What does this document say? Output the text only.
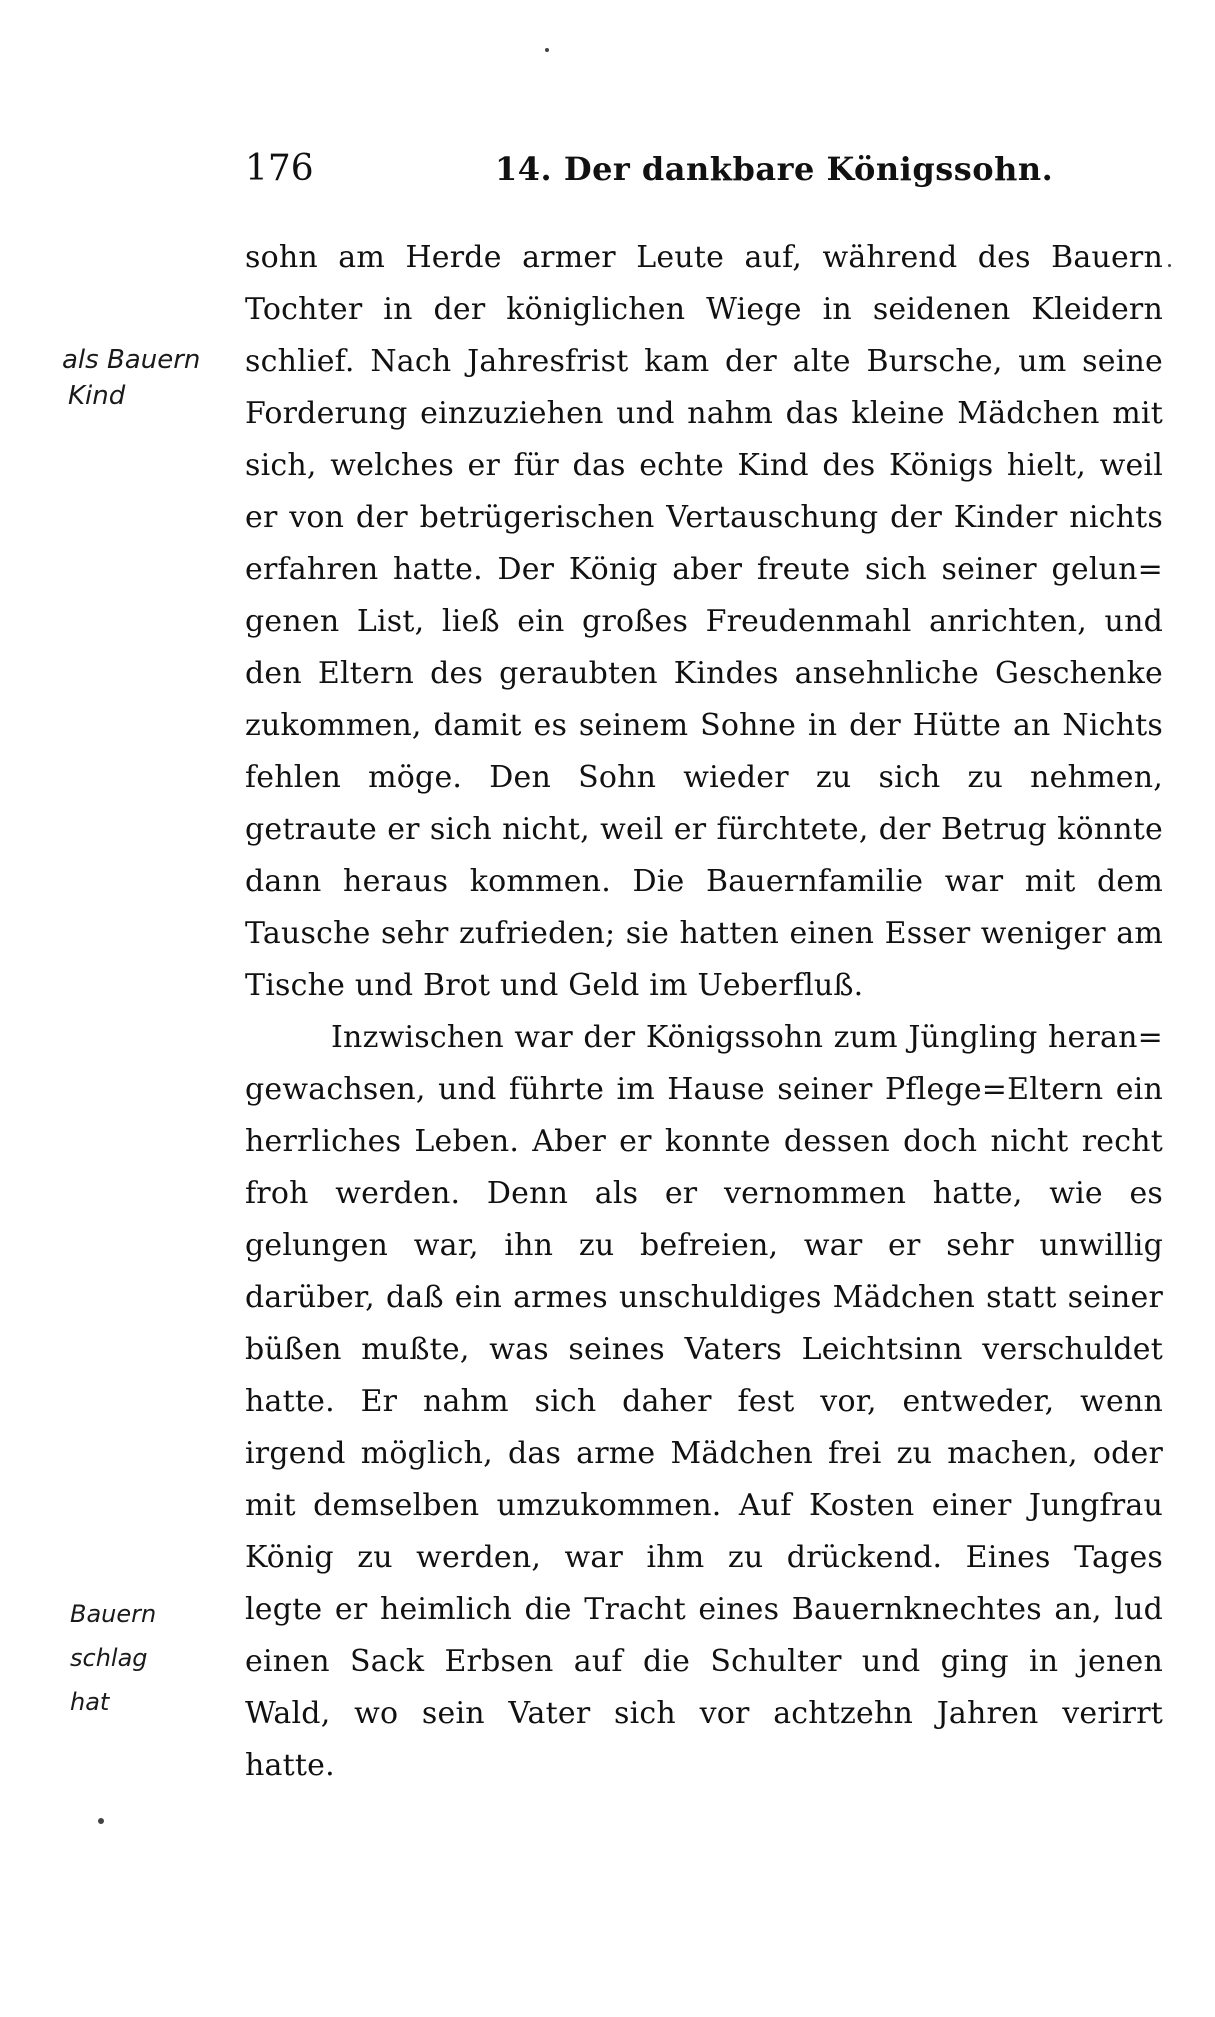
176	14. Der dankbare Königssohn.
sohn am Herde armer Leute auf, während des Bauern
Tochter in der königlichen Wiege in seidenen Kleidern
schlief. Nach Jahresfrist kam der alte Bursche, um seine
Forderung einzuziehen und nahm das kleine Mädchen mit
sich, welches er für das echte Kind des Königs hielt, weil
er von der betrügerischen Vertauschung der Kinder nichts
erfahren hatte. Der König aber freute sich seiner gelun=
genen List, ließ ein großes Freudenmahl anrichten, und
den Eltern des geraubten Kindes ansehnliche Geschenke
zukommen, damit es seinem Sohne in der Hütte an Nichts
fehlen möge. Den Sohn wieder zu sich zu nehmen,
getraute er sich nicht, weil er fürchtete, der Betrug könnte
dann heraus kommen. Die Bauernfamilie war mit dem
Tausche sehr zufrieden; sie hatten einen Esser weniger am
Tische und Brot und Geld im Ueberfluß.
Inzwischen war der Königssohn zum Jüngling heran=
gewachsen, und führte im Hause seiner Pflege=Eltern ein
herrliches Leben. Aber er konnte dessen doch nicht recht
froh werden. Denn als er vernommen hatte, wie es
gelungen war, ihn zu befreien, war er sehr unwillig
darüber, daß ein armes unschuldiges Mädchen statt seiner
büßen mußte, was seines Vaters Leichtsinn verschuldet
hatte. Er nahm sich daher fest vor, entweder, wenn
irgend möglich, das arme Mädchen frei zu machen, oder
mit demselben umzukommen. Auf Kosten einer Jungfrau
König zu werden, war ihm zu drückend. Eines Tages
legte er heimlich die Tracht eines Bauernknechtes an, lud
einen Sack Erbsen auf die Schulter und ging in jenen
Wald, wo sein Vater sich vor achtzehn Jahren verirrt
hatte.
als Bauern
Kind
Bauern
schlag
hat
